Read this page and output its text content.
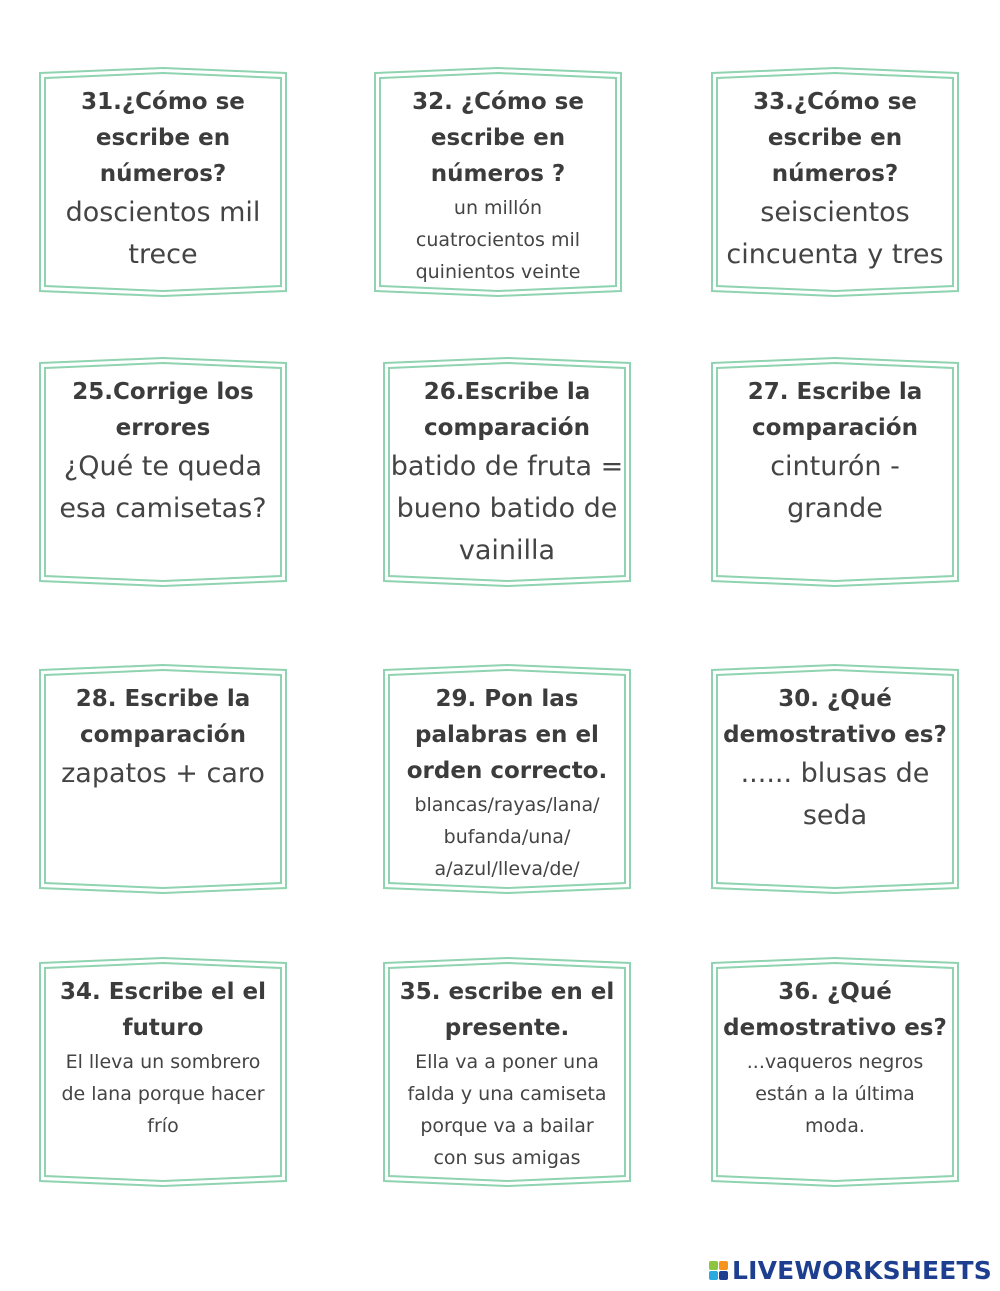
31.¿Cómo se
escribe en
números?
doscientos mil
trece
32. ¿Cómo se
escribe en
números ?
un millón
cuatrocientos mil
quinientos veinte
33.¿Cómo se
escribe en
números?
seiscientos
cincuenta y tres
25.Corrige los
errores
¿Qué te queda
esa camisetas?
26.Escribe la
comparación
batido de fruta =
bueno batido de
vainilla
27. Escribe la
comparación
cinturón -
grande
28. Escribe la
comparación
zapatos + caro
29. Pon las
palabras en el
orden correcto.
blancas/rayas/lana/
bufanda/una/
a/azul/lleva/de/
30. ¿Qué
demostrativo es?
...... blusas de
seda
34. Escribe el el
futuro
El lleva un sombrero
de lana porque hacer
frío
35. escribe en el
presente.
Ella va a poner una
falda y una camiseta
porque va a bailar
con sus amigas
36. ¿Qué
demostrativo es?
...vaqueros negros
están a la última
moda.
LIVEWORKSHEETS
